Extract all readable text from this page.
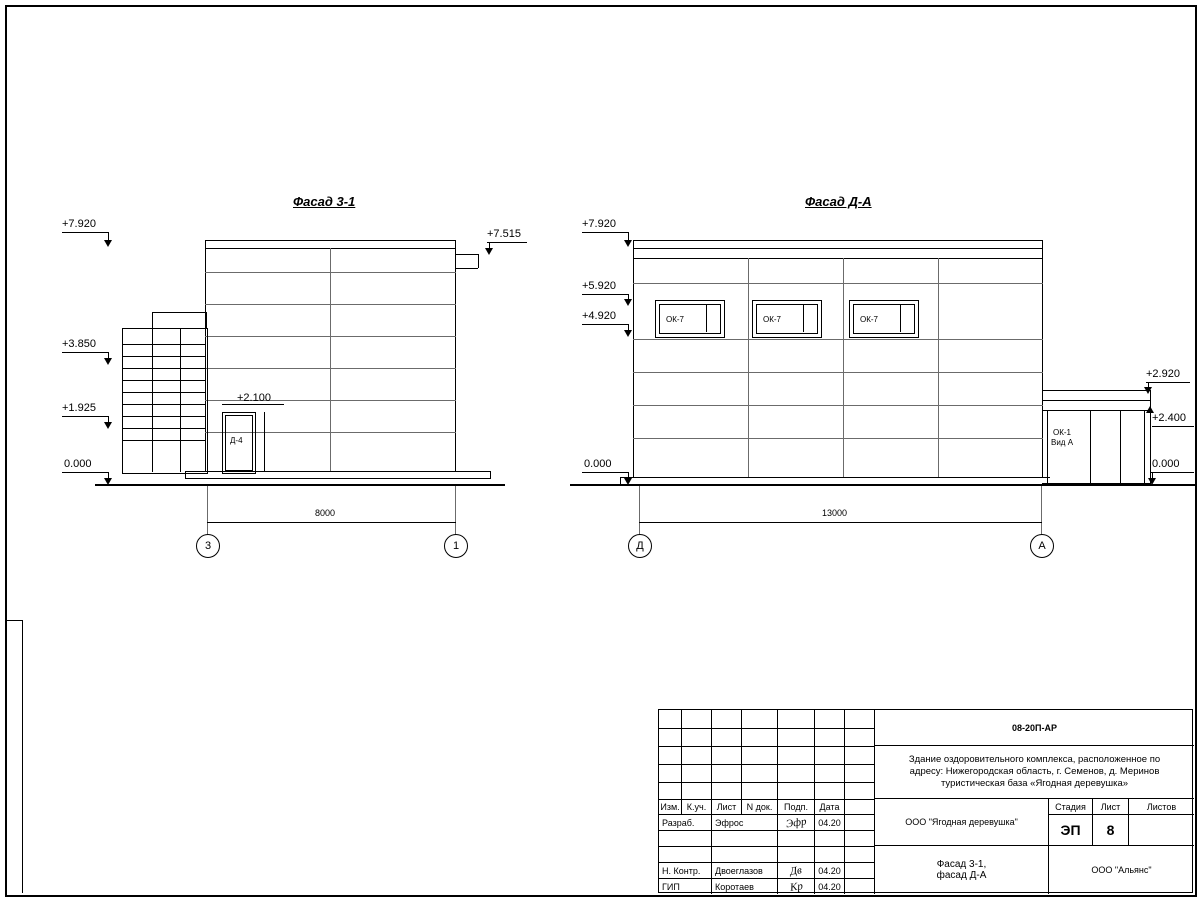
Фасад 3-1
Д-4
+7.920
+7.515
+3.850
+2.100
+1.925
0.000
8000
3	1
Фасад Д-А
ОК-7	ОК-7	ОК-7
ОК-1
Вид А
+7.920
+5.920
+4.920
0.000
+2.920
+2.400
0.000
13000
Д	А
Изм. К.уч.	Лист	N док.	Подп.	Дата
Разраб.	Эфрос	Эфр	04.20
Н. Контр.	Двоеглазов	Дв	04.20
ГИП	Коротаев	Кр	04.20
08-20П-АР
Здание оздоровительного комплекса, расположенное по
адресу: Нижегородская область, г. Семенов, д. Меринов
туристическая база «Ягодная деревушка»
ООО "Ягодная деревушка"
Стадия	Лист	Листов
ЭП	8
Фасад 3-1,
фасад Д-А	ООО "Альянс"
